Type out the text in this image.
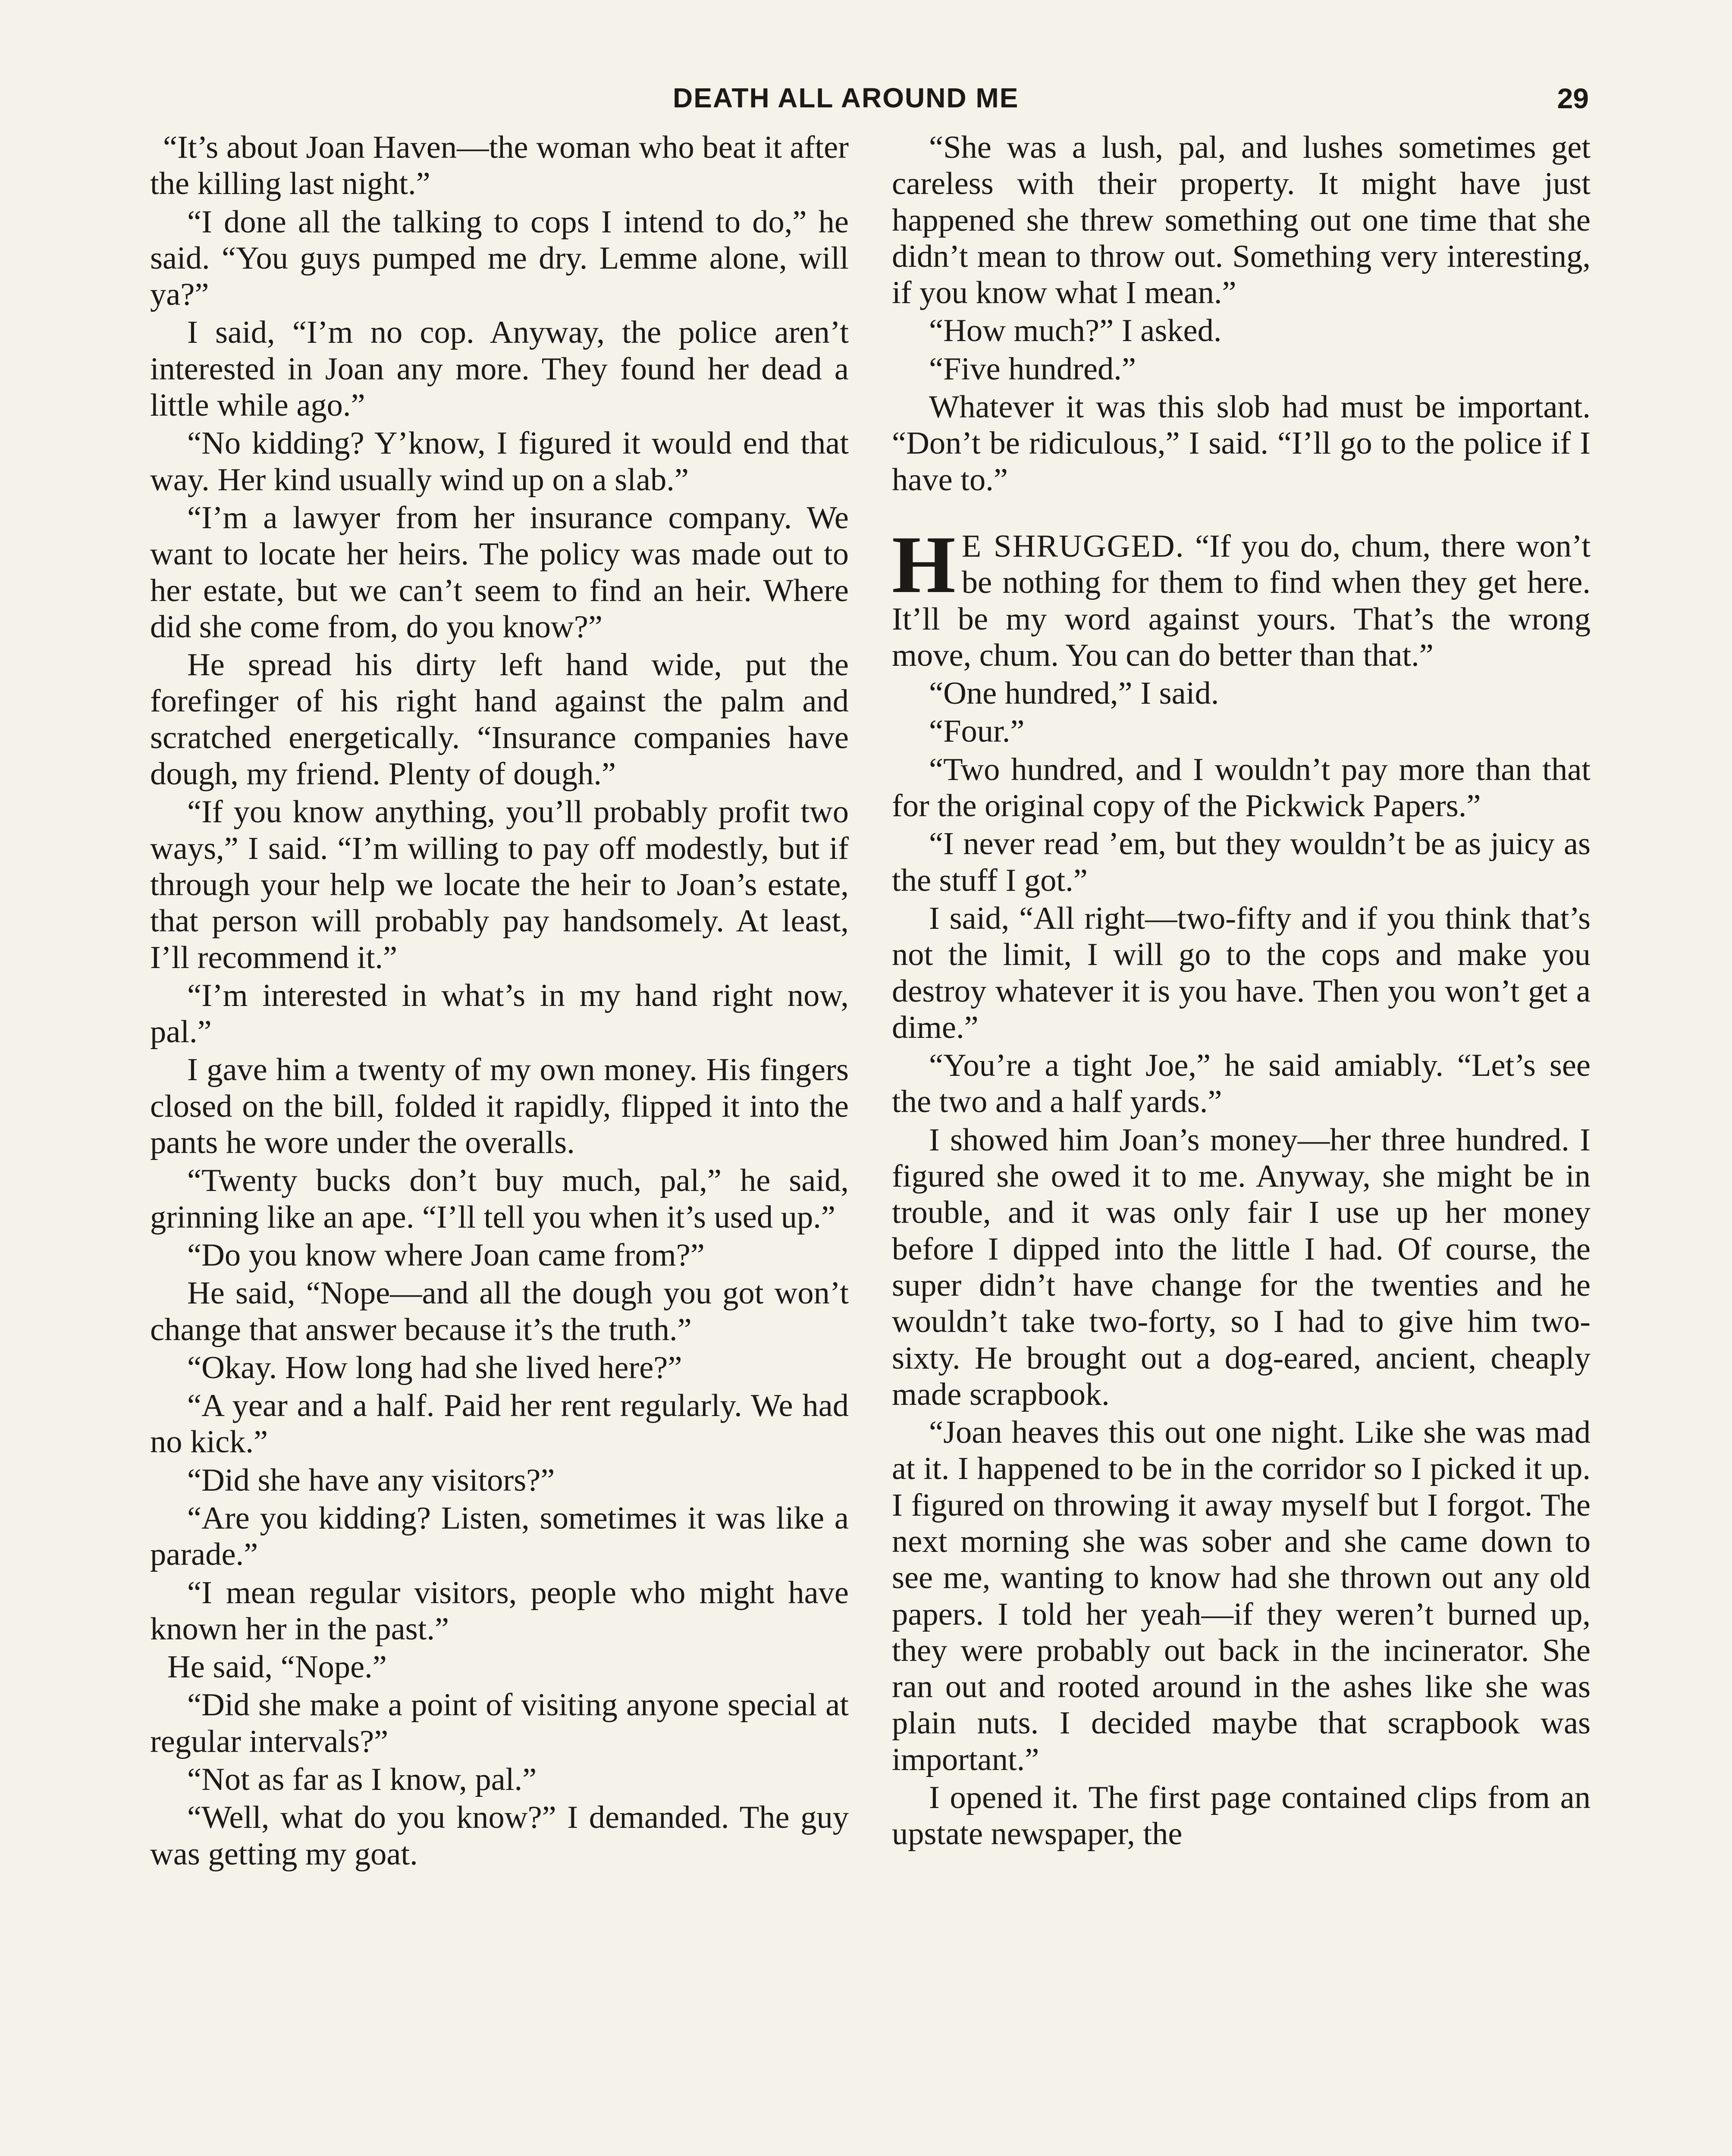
DEATH ALL AROUND ME	29

“It’s about Joan Haven—the woman who beat it after the killing last night.”

“I done all the talking to cops I intend to do,” he said. “You guys pumped me dry. Lemme alone, will ya?”

I said, “I’m no cop. Anyway, the police aren’t interested in Joan any more. They found her dead a little while ago.”

“No kidding? Y’know, I figured it would end that way. Her kind usually wind up on a slab.”

“I’m a lawyer from her insurance company. We want to locate her heirs. The policy was made out to her estate, but we can’t seem to find an heir. Where did she come from, do you know?”

He spread his dirty left hand wide, put the forefinger of his right hand against the palm and scratched energetically. “Insurance companies have dough, my friend. Plenty of dough.”

“If you know anything, you’ll probably profit two ways,” I said. “I’m willing to pay off modestly, but if through your help we locate the heir to Joan’s estate, that person will probably pay handsomely. At least, I’ll recommend it.”

“I’m interested in what’s in my hand right now, pal.”

I gave him a twenty of my own money. His fingers closed on the bill, folded it rapidly, flipped it into the pants he wore under the overalls.

“Twenty bucks don’t buy much, pal,” he said, grinning like an ape. “I’ll tell you when it’s used up.”

“Do you know where Joan came from?”

He said, “Nope—and all the dough you got won’t change that answer because it’s the truth.”

“Okay. How long had she lived here?”

“A year and a half. Paid her rent regularly. We had no kick.”

“Did she have any visitors?”

“Are you kidding? Listen, sometimes it was like a parade.”

“I mean regular visitors, people who might have known her in the past.”

He said, “Nope.”

“Did she make a point of visiting anyone special at regular intervals?”

“Not as far as I know, pal.”

“Well, what do you know?” I demanded. The guy was getting my goat.

“She was a lush, pal, and lushes sometimes get careless with their property. It might have just happened she threw something out one time that she didn’t mean to throw out. Something very interesting, if you know what I mean.”

“How much?” I asked.

“Five hundred.”

Whatever it was this slob had must be important. “Don’t be ridiculous,” I said. “I’ll go to the police if I have to.”

H E SHRUGGED. “If you do, chum, there won’t be nothing for them to find when they get here. It’ll be my word against yours. That’s the wrong move, chum. You can do better than that.”

“One hundred,” I said.

“Four.”

“Two hundred, and I wouldn’t pay more than that for the original copy of the Pickwick Papers.”

“I never read ’em, but they wouldn’t be as juicy as the stuff I got.”

I said, “All right—two-fifty and if you think that’s not the limit, I will go to the cops and make you destroy whatever it is you have. Then you won’t get a dime.”

“You’re a tight Joe,” he said amiably. “Let’s see the two and a half yards.”

I showed him Joan’s money—her three hundred. I figured she owed it to me. Anyway, she might be in trouble, and it was only fair I use up her money before I dipped into the little I had. Of course, the super didn’t have change for the twenties and he wouldn’t take two-forty, so I had to give him two-sixty. He brought out a dog-eared, ancient, cheaply made scrapbook.

“Joan heaves this out one night. Like she was mad at it. I happened to be in the corridor so I picked it up. I figured on throwing it away myself but I forgot. The next morning she was sober and she came down to see me, wanting to know had she thrown out any old papers. I told her yeah—if they weren’t burned up, they were probably out back in the incinerator. She ran out and rooted around in the ashes like she was plain nuts. I decided maybe that scrapbook was important.”

I opened it. The first page contained clips from an upstate newspaper, the
